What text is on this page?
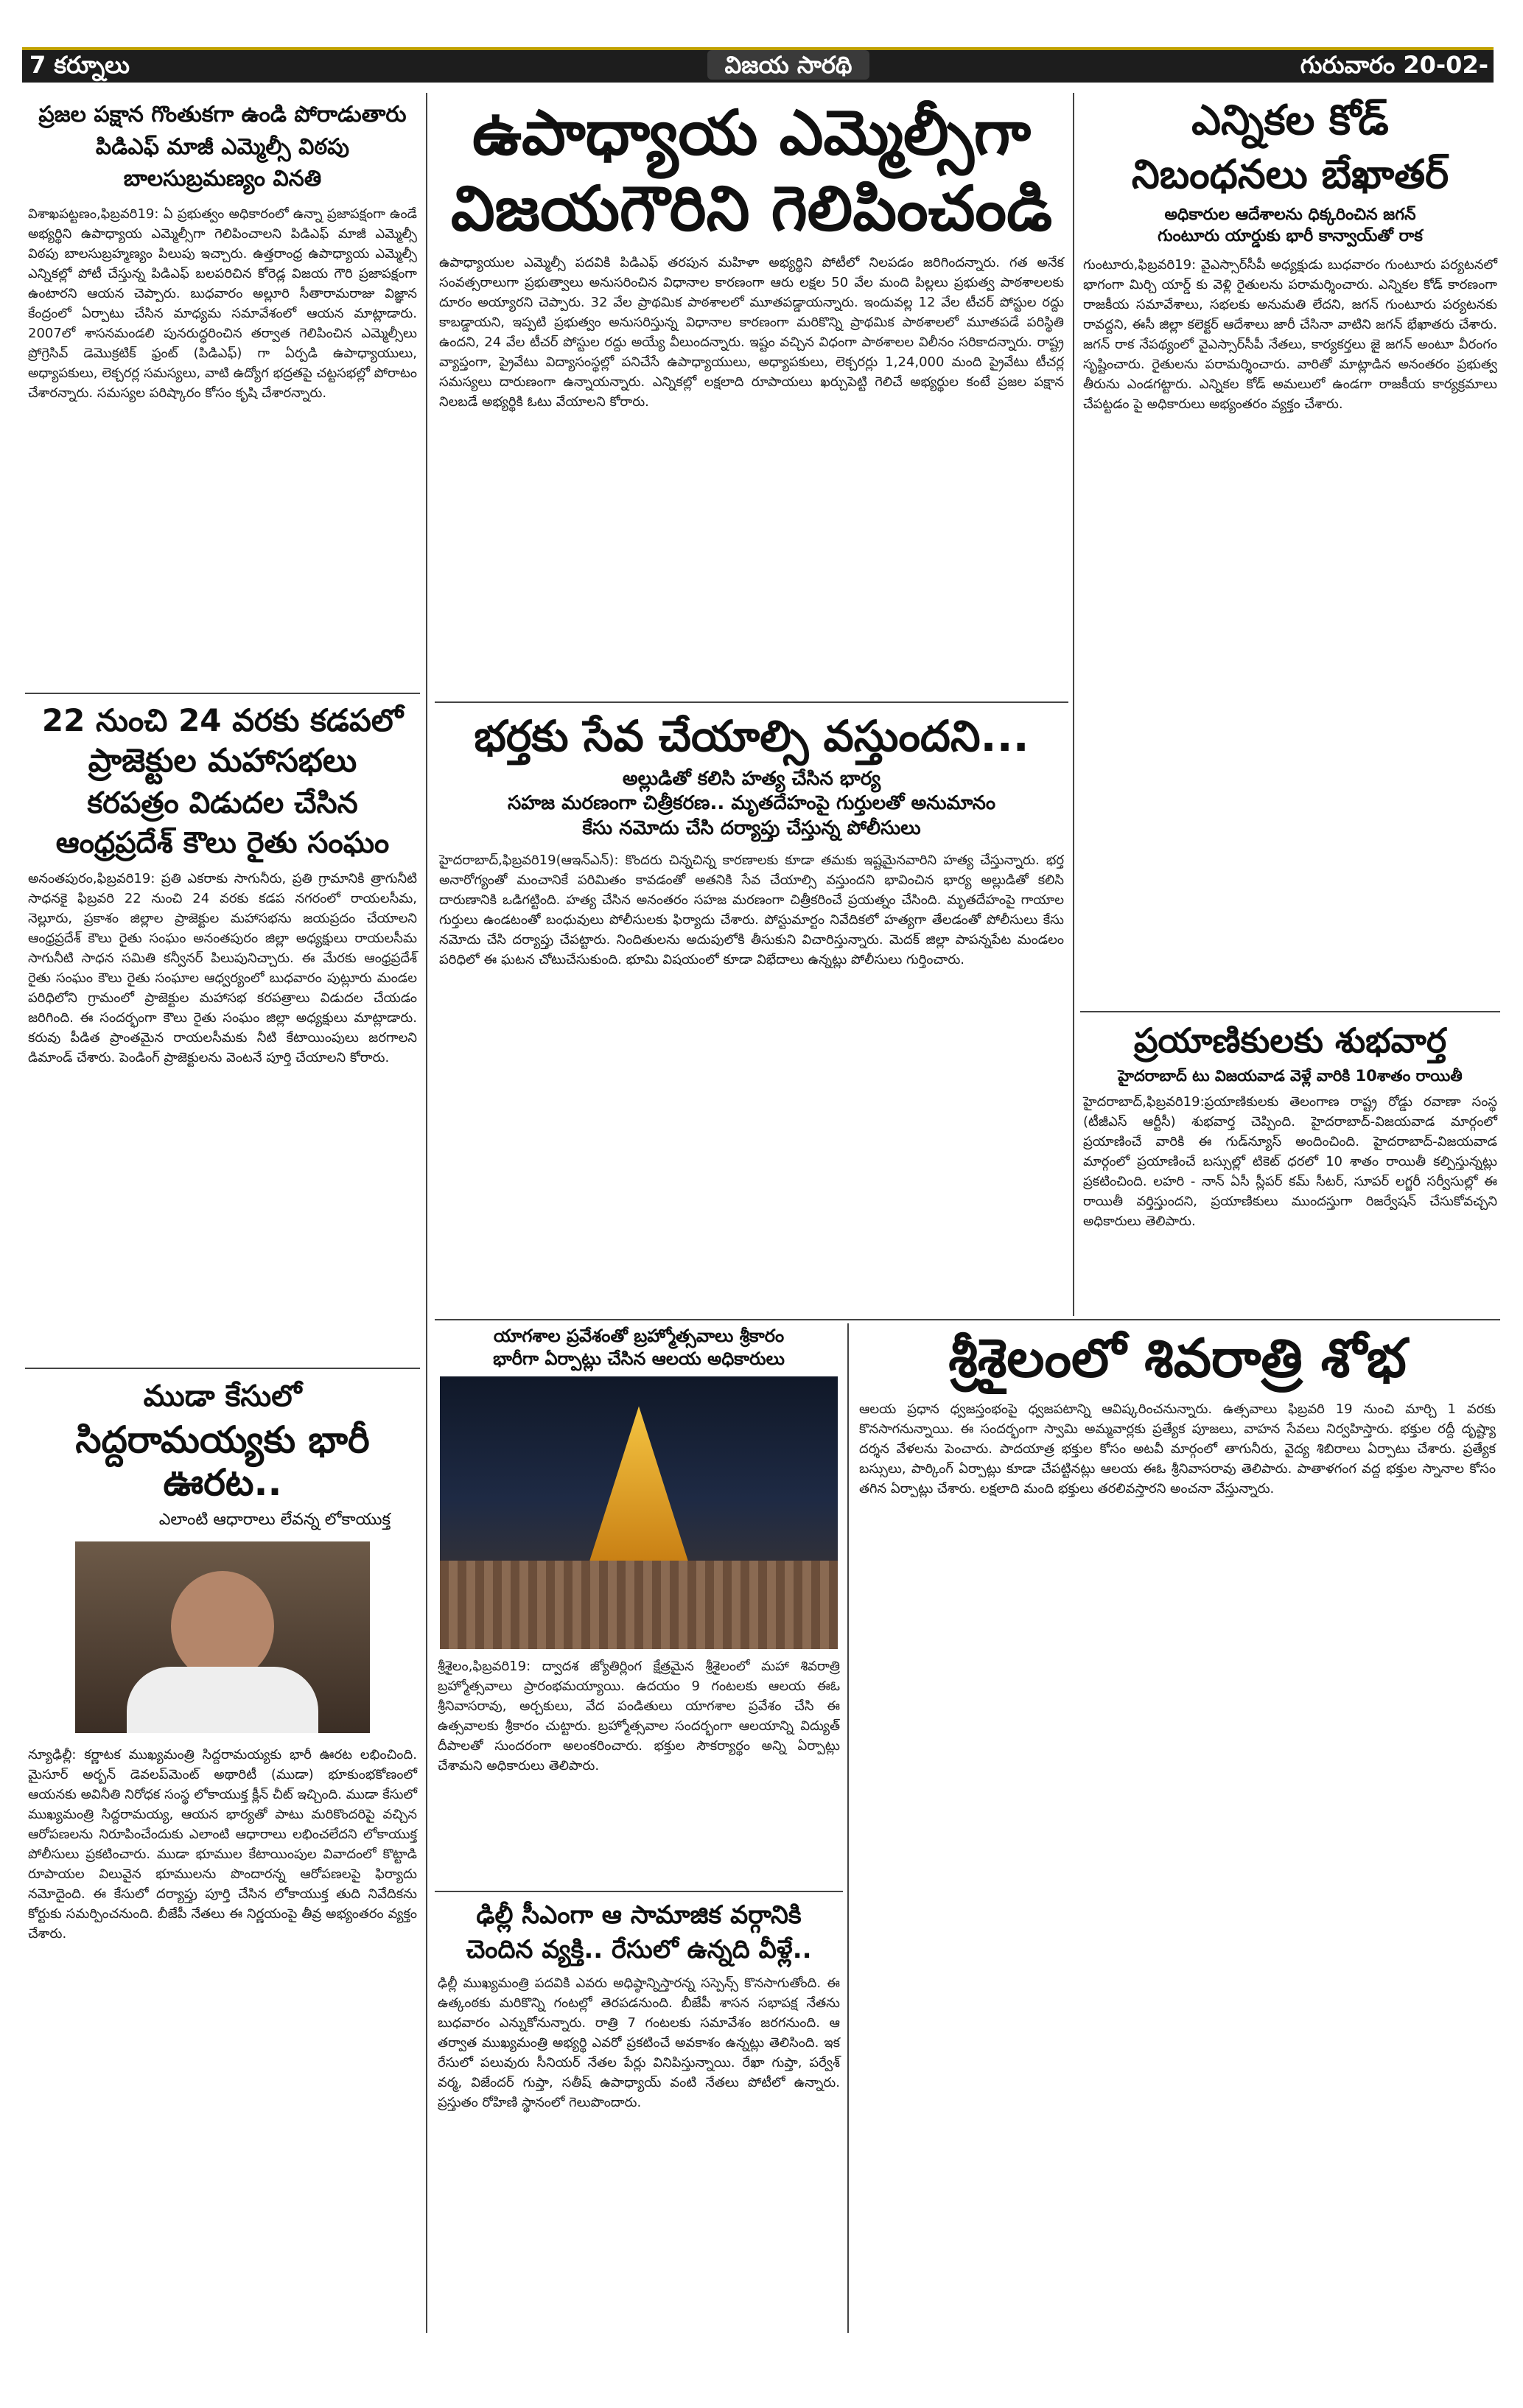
7 కర్నూలు	విజయ సారథి	గురువారం 20-02-2025
ప్రజల పక్షాన గొంతుకగా ఉండి పోరాడుతారు పిడిఎఫ్ మాజీ ఎమ్మెల్సీ విఠపు బాలసుబ్రమణ్యం వినతి
విశాఖపట్టణం,ఫిబ్రవరి19: ఏ ప్రభుత్వం అధికారంలో ఉన్నా ప్రజాపక్షంగా ఉండే అభ్యర్థిని ఉపాధ్యాయ ఎమ్మెల్సీగా గెలిపించాలని పిడిఎఫ్ మాజీ ఎమ్మెల్సీ విఠపు బాలసుబ్రహ్మణ్యం పిలుపు ఇచ్చారు. ఉత్తరాంధ్ర ఉపాధ్యాయ ఎమ్మెల్సీ ఎన్నికల్లో పోటీ చేస్తున్న పిడిఎఫ్ బలపరిచిన కోరెడ్ల విజయ గౌరి ప్రజాపక్షంగా ఉంటారని ఆయన చెప్పారు. బుధవారం అల్లూరి సీతారామరాజు విజ్ఞాన కేంద్రంలో ఏర్పాటు చేసిన మాధ్యమ సమావేశంలో ఆయన మాట్లాడారు. 2007లో శాసనమండలి పునరుద్ధరించిన తర్వాత గెలిపించిన ఎమ్మెల్సీలు ప్రోగ్రెసివ్ డెమొక్రటిక్ ఫ్రంట్ (పిడిఎఫ్) గా ఏర్పడి ఉపాధ్యాయులు, అధ్యాపకులు, లెక్చరర్ల సమస్యలు, వాటి ఉద్యోగ భద్రతపై చట్టసభల్లో పోరాటం చేశారన్నారు. సమస్యల పరిష్కారం కోసం కృషి చేశారన్నారు.
22 నుంచి 24 వరకు కడపలో
ప్రాజెక్టుల మహాసభలు
కరపత్రం విడుదల చేసిన
ఆంధ్రప్రదేశ్ కౌలు రైతు సంఘం
అనంతపురం,ఫిబ్రవరి19: ప్రతి ఎకరాకు సాగునీరు, ప్రతి గ్రామానికి త్రాగునీటి సాధనకై ఫిబ్రవరి 22 నుంచి 24 వరకు కడప నగరంలో రాయలసీమ, నెల్లూరు, ప్రకాశం జిల్లాల ప్రాజెక్టుల మహాసభను జయప్రదం చేయాలని ఆంధ్రప్రదేశ్ కౌలు రైతు సంఘం అనంతపురం జిల్లా అధ్యక్షులు రాయలసీమ సాగునీటి సాధన సమితి కన్వీనర్ పిలుపునిచ్చారు. ఈ మేరకు ఆంధ్రప్రదేశ్ రైతు సంఘం కౌలు రైతు సంఘాల ఆధ్వర్యంలో బుధవారం పుట్లూరు మండల పరిధిలోని గ్రామంలో ప్రాజెక్టుల మహాసభ కరపత్రాలు విడుదల చేయడం జరిగింది. ఈ సందర్భంగా కౌలు రైతు సంఘం జిల్లా అధ్యక్షులు మాట్లాడారు. కరువు పీడిత ప్రాంతమైన రాయలసీమకు నీటి కేటాయింపులు జరగాలని డిమాండ్ చేశారు. పెండింగ్ ప్రాజెక్టులను వెంటనే పూర్తి చేయాలని కోరారు.
ముడా కేసులో
సిద్దరామయ్యకు భారీ ఊరట..
ఎలాంటి ఆధారాలు లేవన్న లోకాయుక్త
న్యూఢిల్లీ: కర్ణాటక ముఖ్యమంత్రి సిద్దరామయ్యకు భారీ ఊరట లభించింది. మైసూర్ అర్బన్ డెవలప్‌మెంట్ అథారిటీ (ముడా) భూకుంభకోణంలో ఆయనకు అవినీతి నిరోధక సంస్థ లోకాయుక్త క్లీన్ చీట్ ఇచ్చింది. ముడా కేసులో ముఖ్యమంత్రి సిద్దరామయ్య, ఆయన భార్యతో పాటు మరికొందరిపై వచ్చిన ఆరోపణలను నిరూపించేందుకు ఎలాంటి ఆధారాలు లభించలేదని లోకాయుక్త పోలీసులు ప్రకటించారు. ముడా భూముల కేటాయింపుల వివాదంలో కొట్టాడి రూపాయల విలువైన భూములను పొందారన్న ఆరోపణలపై ఫిర్యాదు నమోదైంది. ఈ కేసులో దర్యాప్తు పూర్తి చేసిన లోకాయుక్త తుది నివేదికను కోర్టుకు సమర్పించనుంది. బీజేపీ నేతలు ఈ నిర్ణయంపై తీవ్ర అభ్యంతరం వ్యక్తం చేశారు.
ఉపాధ్యాయ ఎమ్మెల్సీగా
విజయగౌరిని గెలిపించండి
ఉపాధ్యాయుల ఎమ్మెల్సీ పదవికి పిడిఎఫ్ తరపున మహిళా అభ్యర్థిని పోటీలో నిలపడం జరిగిందన్నారు. గత అనేక సంవత్సరాలుగా ప్రభుత్వాలు అనుసరించిన విధానాల కారణంగా ఆరు లక్షల 50 వేల మంది పిల్లలు ప్రభుత్వ పాఠశాలలకు దూరం అయ్యారని చెప్పారు. 32 వేల ప్రాథమిక పాఠశాలలో మూతపడ్డాయన్నారు. ఇందువల్ల 12 వేల టీచర్ పోస్టుల రద్దు కాబడ్డాయని, ఇప్పటి ప్రభుత్వం అనుసరిస్తున్న విధానాల కారణంగా మరికొన్ని ప్రాథమిక పాఠశాలలో మూతపడే పరిస్థితి ఉందని, 24 వేల టీచర్ పోస్టుల రద్దు అయ్యే వీలుందన్నారు. ఇష్టం వచ్చిన విధంగా పాఠశాలల విలీనం సరికాదన్నారు. రాష్ట్ర వ్యాప్తంగా, ప్రైవేటు విద్యాసంస్థల్లో పనిచేసే ఉపాధ్యాయులు, అధ్యాపకులు, లెక్చరర్లు 1,24,000 మంది ప్రైవేటు టీచర్ల సమస్యలు దారుణంగా ఉన్నాయన్నారు. ఎన్నికల్లో లక్షలాది రూపాయలు ఖర్చుపెట్టి గెలిచే అభ్యర్థుల కంటే ప్రజల పక్షాన నిలబడే అభ్యర్థికి ఓటు వేయాలని కోరారు.
భర్తకు సేవ చేయాల్సి వస్తుందని...
అల్లుడితో కలిసి హత్య చేసిన భార్య
సహజ మరణంగా చిత్రీకరణ.. మృతదేహంపై గుర్తులతో అనుమానం
కేసు నమోదు చేసి దర్యాప్తు చేస్తున్న పోలీసులు
హైదరాబాద్,ఫిబ్రవరి19(ఆఇన్‌ఎన్): కొందరు చిన్నచిన్న కారణాలకు కూడా తమకు ఇష్టమైనవారిని హత్య చేస్తున్నారు. భర్త అనారోగ్యంతో మంచానికే పరిమితం కావడంతో అతనికి సేవ చేయాల్సి వస్తుందని భావించిన భార్య అల్లుడితో కలిసి దారుణానికి ఒడిగట్టింది. హత్య చేసిన అనంతరం సహజ మరణంగా చిత్రీకరించే ప్రయత్నం చేసింది. మృతదేహంపై గాయాల గుర్తులు ఉండటంతో బంధువులు పోలీసులకు ఫిర్యాదు చేశారు. పోస్టుమార్టం నివేదికలో హత్యగా తేలడంతో పోలీసులు కేసు నమోదు చేసి దర్యాప్తు చేపట్టారు. నిందితులను అదుపులోకి తీసుకుని విచారిస్తున్నారు. మెదక్ జిల్లా పాపన్నపేట మండలం పరిధిలో ఈ ఘటన చోటుచేసుకుంది. భూమి విషయంలో కూడా విభేదాలు ఉన్నట్లు పోలీసులు గుర్తించారు.
ఎన్నికల కోడ్
నిబంధనలు బేఖాతర్
అధికారుల ఆదేశాలను ధిక్కరించిన జగన్
గుంటూరు యార్డుకు భారీ కాన్వాయ్‌తో రాక
గుంటూరు,ఫిబ్రవరి19: వైఎస్సార్‌సీపీ అధ్యక్షుడు బుధవారం గుంటూరు పర్యటనలో భాగంగా మిర్చి యార్డ్ కు వెళ్లి రైతులను పరామర్శించారు. ఎన్నికల కోడ్ కారణంగా రాజకీయ సమావేశాలు, సభలకు అనుమతి లేదని, జగన్ గుంటూరు పర్యటనకు రావద్దని, ఈసీ జిల్లా కలెక్టర్ ఆదేశాలు జారీ చేసినా వాటిని జగన్ భేఖాతరు చేశారు. జగన్ రాక నేపథ్యంలో వైఎస్సార్‌సీపీ నేతలు, కార్యకర్తలు జై జగన్ అంటూ వీరంగం సృష్టించారు. రైతులను పరామర్శించారు. వారితో మాట్లాడిన అనంతరం ప్రభుత్వ తీరును ఎండగట్టారు. ఎన్నికల కోడ్ అమలులో ఉండగా రాజకీయ కార్యక్రమాలు చేపట్టడం పై అధికారులు అభ్యంతరం వ్యక్తం చేశారు.
ప్రయాణికులకు శుభవార్త
హైదరాబాద్ టు విజయవాడ వెళ్లే వారికి 10శాతం రాయితీ
హైదరాబాద్,ఫిబ్రవరి19:ప్రయాణికులకు తెలంగాణ రాష్ట్ర రోడ్డు రవాణా సంస్థ (టీజీఎస్ ఆర్టీసీ) శుభవార్త చెప్పింది. హైదరాబాద్-విజయవాడ మార్గంలో ప్రయాణించే వారికి ఈ గుడ్‌న్యూస్ అందించింది. హైదరాబాద్-విజయవాడ మార్గంలో ప్రయాణించే బస్సుల్లో టికెట్ ధరలో 10 శాతం రాయితీ కల్పిస్తున్నట్లు ప్రకటించింది. లహరి - నాన్ ఏసీ స్లీపర్ కమ్ సీటర్, సూపర్ లగ్జరీ సర్వీసుల్లో ఈ రాయితీ వర్తిస్తుందని, ప్రయాణికులు ముందస్తుగా రిజర్వేషన్ చేసుకోవచ్చని అధికారులు తెలిపారు.
యాగశాల ప్రవేశంతో బ్రహ్మోత్సవాలు శ్రీకారం
భారీగా ఏర్పాట్లు చేసిన ఆలయ అధికారులు
శ్రీశైలం,ఫిబ్రవరి19: ద్వాదశ జ్యోతిర్లింగ క్షేత్రమైన శ్రీశైలంలో మహా శివరాత్రి బ్రహ్మోత్సవాలు ప్రారంభమయ్యాయి. ఉదయం 9 గంటలకు ఆలయ ఈఓ శ్రీనివాసరావు, అర్చకులు, వేద పండితులు యాగశాల ప్రవేశం చేసి ఈ ఉత్సవాలకు శ్రీకారం చుట్టారు. బ్రహ్మోత్సవాల సందర్భంగా ఆలయాన్ని విద్యుత్ దీపాలతో సుందరంగా అలంకరించారు. భక్తుల సౌకర్యార్థం అన్ని ఏర్పాట్లు చేశామని అధికారులు తెలిపారు.
శ్రీశైలంలో శివరాత్రి శోభ
ఆలయ ప్రధాన ధ్వజస్తంభంపై ధ్వజపటాన్ని ఆవిష్కరించనున్నారు. ఉత్సవాలు ఫిబ్రవరి 19 నుంచి మార్చి 1 వరకు కొనసాగనున్నాయి. ఈ సందర్భంగా స్వామి అమ్మవార్లకు ప్రత్యేక పూజలు, వాహన సేవలు నిర్వహిస్తారు. భక్తుల రద్దీ దృష్ట్యా దర్శన వేళలను పెంచారు. పాదయాత్ర భక్తుల కోసం అటవీ మార్గంలో తాగునీరు, వైద్య శిబిరాలు ఏర్పాటు చేశారు. ప్రత్యేక బస్సులు, పార్కింగ్ ఏర్పాట్లు కూడా చేపట్టినట్లు ఆలయ ఈఓ శ్రీనివాసరావు తెలిపారు. పాతాళగంగ వద్ద భక్తుల స్నానాల కోసం తగిన ఏర్పాట్లు చేశారు. లక్షలాది మంది భక్తులు తరలివస్తారని అంచనా వేస్తున్నారు.
ఢిల్లీ సీఎంగా ఆ సామాజిక వర్గానికి
చెందిన వ్యక్తి.. రేసులో ఉన్నది వీళ్లే..
ఢిల్లీ ముఖ్యమంత్రి పదవికి ఎవరు అధిష్ఠాన్నిస్తారన్న సస్పెన్స్ కొనసాగుతోంది. ఈ ఉత్కంఠకు మరికొన్ని గంటల్లో తెరపడనుంది. బీజేపీ శాసన సభాపక్ష నేతను బుధవారం ఎన్నుకోనున్నారు. రాత్రి 7 గంటలకు సమావేశం జరగనుంది. ఆ తర్వాత ముఖ్యమంత్రి అభ్యర్థి ఎవరో ప్రకటించే అవకాశం ఉన్నట్లు తెలిసింది. ఇక రేసులో పలువురు సీనియర్ నేతల పేర్లు వినిపిస్తున్నాయి. రేఖా గుప్తా, పర్వేశ్ వర్మ, విజేందర్ గుప్తా, సతీష్ ఉపాధ్యాయ్ వంటి నేతలు పోటీలో ఉన్నారు. ప్రస్తుతం రోహిణి స్థానంలో గెలుపొందారు.
